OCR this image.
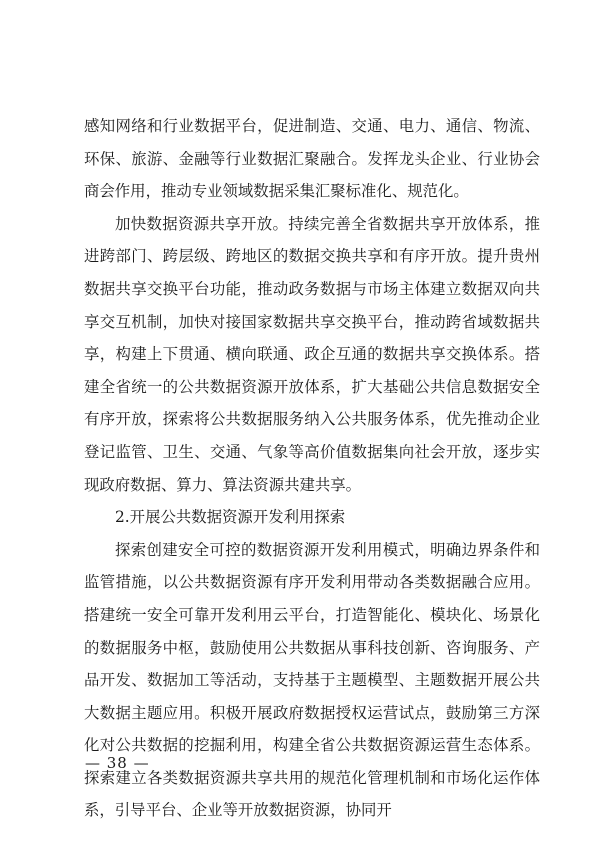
感知网络和行业数据平台，促进制造、交通、电力、通信、物流、环保、旅游、金融等行业数据汇聚融合。发挥龙头企业、行业协会商会作用，推动专业领域数据采集汇聚标准化、规范化。

加快数据资源共享开放。持续完善全省数据共享开放体系，推进跨部门、跨层级、跨地区的数据交换共享和有序开放。提升贵州数据共享交换平台功能，推动政务数据与市场主体建立数据双向共享交互机制，加快对接国家数据共享交换平台，推动跨省域数据共享，构建上下贯通、横向联通、政企互通的数据共享交换体系。搭建全省统一的公共数据资源开放体系，扩大基础公共信息数据安全有序开放，探索将公共数据服务纳入公共服务体系，优先推动企业登记监管、卫生、交通、气象等高价值数据集向社会开放，逐步实现政府数据、算力、算法资源共建共享。

2.开展公共数据资源开发利用探索

探索创建安全可控的数据资源开发利用模式，明确边界条件和监管措施，以公共数据资源有序开发利用带动各类数据融合应用。搭建统一安全可靠开发利用云平台，打造智能化、模块化、场景化的数据服务中枢，鼓励使用公共数据从事科技创新、咨询服务、产品开发、数据加工等活动，支持基于主题模型、主题数据开展公共大数据主题应用。积极开展政府数据授权运营试点，鼓励第三方深化对公共数据的挖掘利用，构建全省公共数据资源运营生态体系。探索建立各类数据资源共享共用的规范化管理机制和市场化运作体系，引导平台、企业等开放数据资源，协同开

— 38 —
